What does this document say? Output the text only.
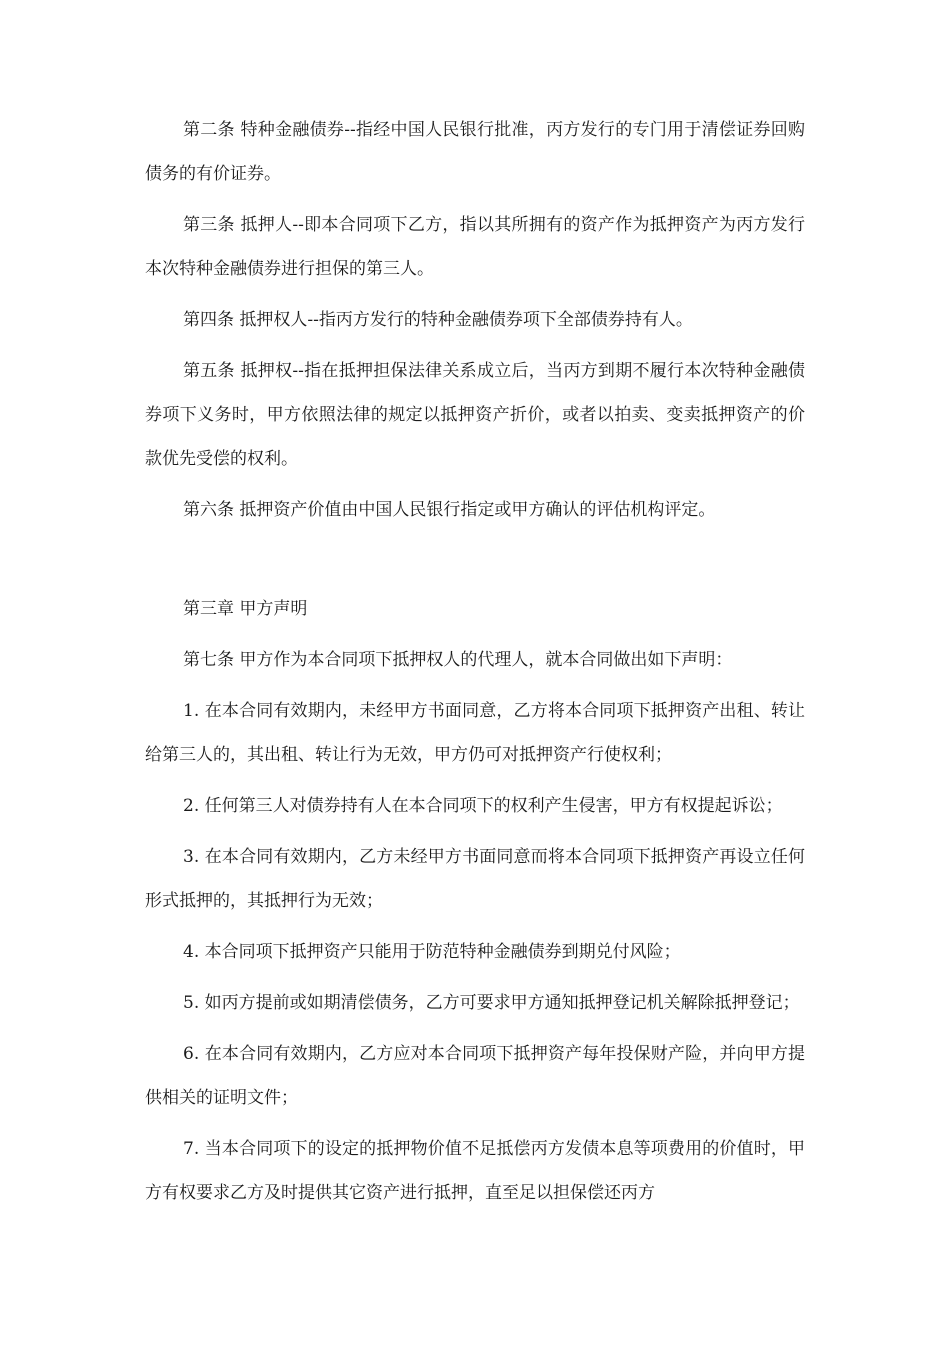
第二条 特种金融债券--指经中国人民银行批准，丙方发行的专门用于清偿证券回购债务的有价证券。

第三条 抵押人--即本合同项下乙方，指以其所拥有的资产作为抵押资产为丙方发行本次特种金融债券进行担保的第三人。

第四条 抵押权人--指丙方发行的特种金融债券项下全部债券持有人。

第五条 抵押权--指在抵押担保法律关系成立后，当丙方到期不履行本次特种金融债券项下义务时，甲方依照法律的规定以抵押资产折价，或者以拍卖、变卖抵押资产的价款优先受偿的权利。

第六条 抵押资产价值由中国人民银行指定或甲方确认的评估机构评定。

第三章 甲方声明

第七条 甲方作为本合同项下抵押权人的代理人，就本合同做出如下声明：

1. 在本合同有效期内，未经甲方书面同意，乙方将本合同项下抵押资产出租、转让给第三人的，其出租、转让行为无效，甲方仍可对抵押资产行使权利；

2. 任何第三人对债券持有人在本合同项下的权利产生侵害，甲方有权提起诉讼；

3. 在本合同有效期内，乙方未经甲方书面同意而将本合同项下抵押资产再设立任何形式抵押的，其抵押行为无效；

4. 本合同项下抵押资产只能用于防范特种金融债券到期兑付风险；

5. 如丙方提前或如期清偿债务，乙方可要求甲方通知抵押登记机关解除抵押登记；

6. 在本合同有效期内，乙方应对本合同项下抵押资产每年投保财产险，并向甲方提供相关的证明文件；

7. 当本合同项下的设定的抵押物价值不足抵偿丙方发债本息等项费用的价值时，甲方有权要求乙方及时提供其它资产进行抵押，直至足以担保偿还丙方
